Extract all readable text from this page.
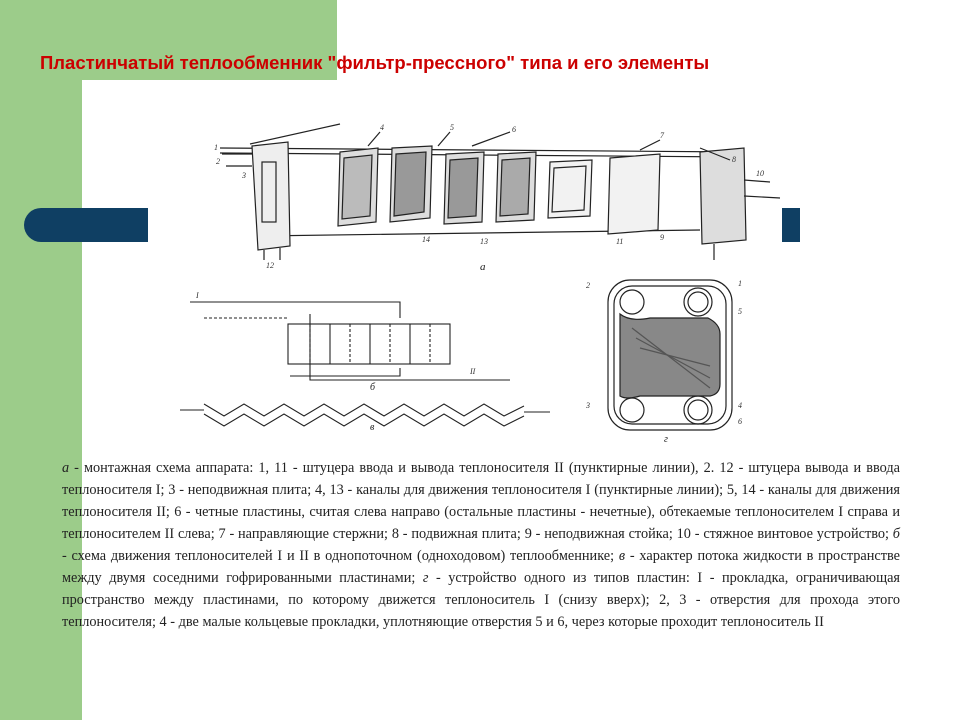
Пластинчатый теплообменник "фильтр-прессного" типа и его элементы
а
1
2
3
4	5	6
7
8
9
10
11
12
13
14
I
II
б
в
1
2
3	4
5
6
г
а - монтажная схема аппарата: 1, 11 - штуцера ввода и вывода теплоносителя II (пунктирные линии), 2. 12 - штуцера вывода и ввода теплоносителя I; 3 - неподвижная плита; 4, 13 - каналы для движения теплоносителя I (пунктирные линии); 5, 14 - каналы для движения теплоносителя II; 6 - четные пластины, считая слева направо (остальные пластины - нечетные), обтекаемые теплоносителем I справа и теплоносителем II слева; 7 - направляющие стержни; 8 - подвижная плита; 9 - неподвижная стойка; 10 - стяжное винтовое устройство; б - схема движения теплоносителей I и II в однопоточном (одноходовом) теплообменнике; в - характер потока жидкости в пространстве между двумя соседними гофрированными пластинами; г - устройство одного из типов пластин: I - прокладка, ограничивающая пространство между пластинами, по которому движется теплоноситель I (снизу вверх); 2, 3 - отверстия для прохода этого теплоносителя; 4 - две малые кольцевые прокладки, уплотняющие отверстия 5 и 6, через которые проходит теплоноситель II
